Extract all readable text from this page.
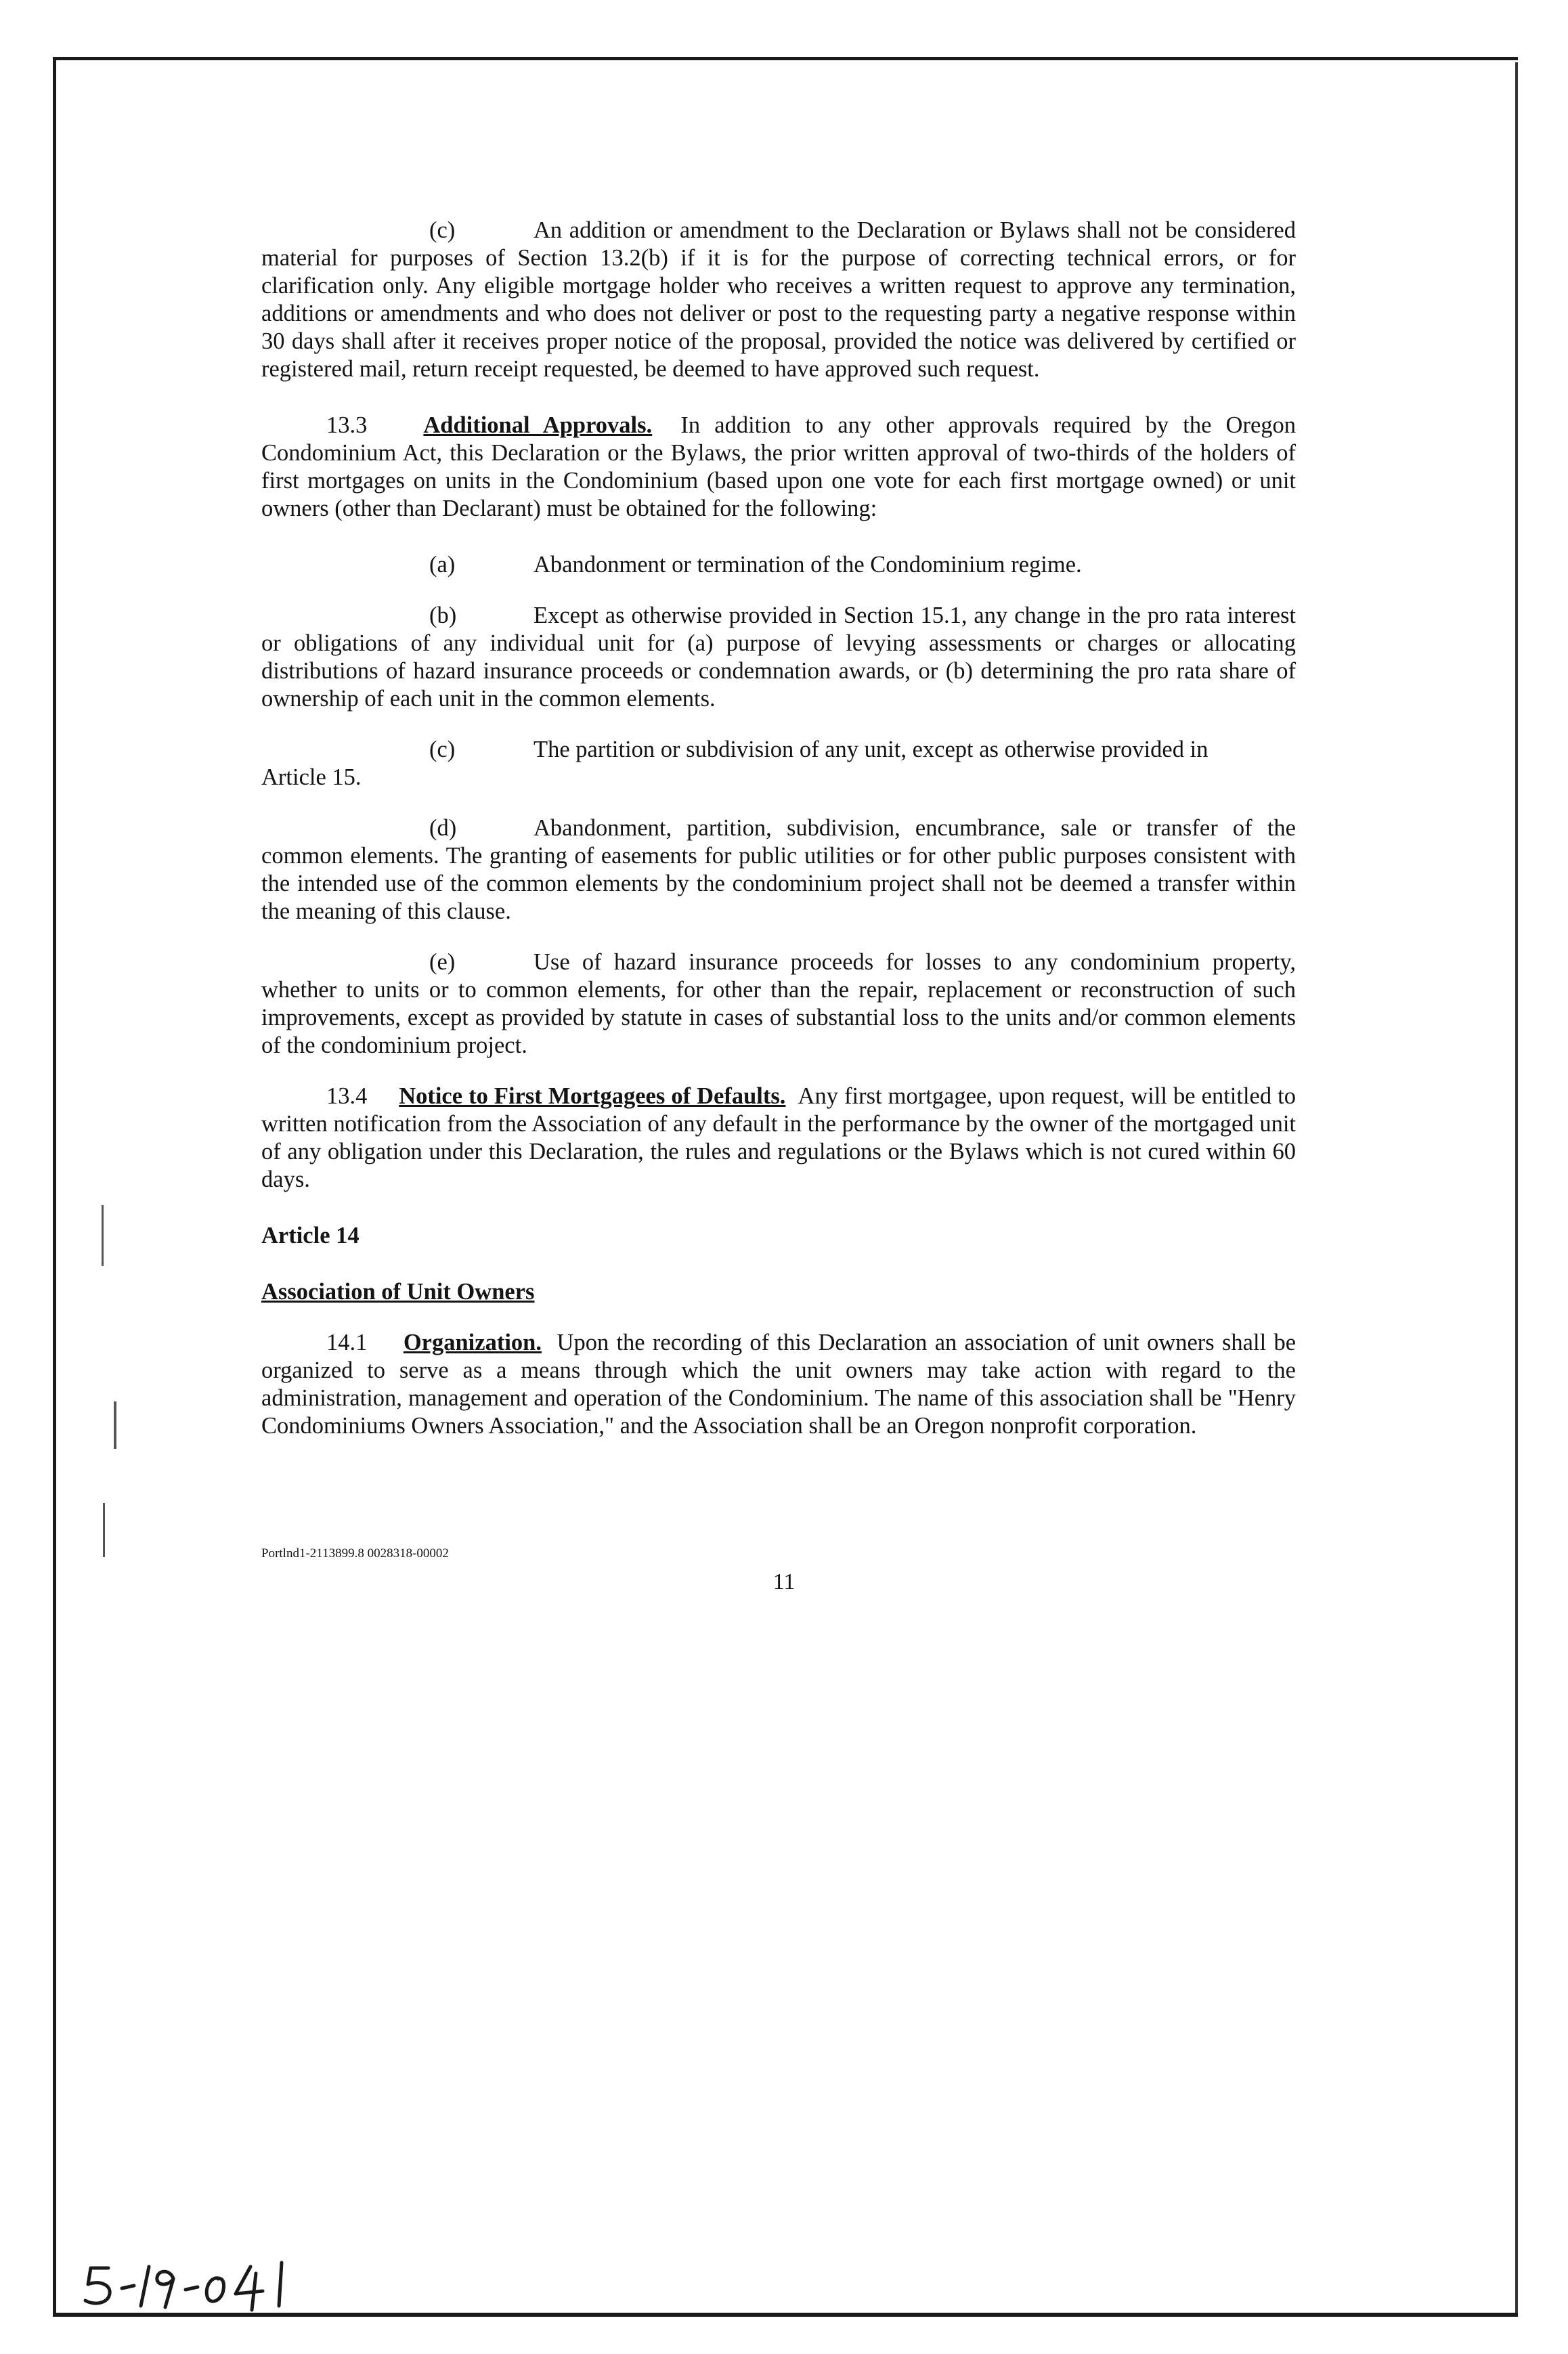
(c)	An addition or amendment to the Declaration or Bylaws shall not be considered material for purposes of Section 13.2(b) if it is for the purpose of correcting technical errors, or for clarification only. Any eligible mortgage holder who receives a written request to approve any termination, additions or amendments and who does not deliver or post to the requesting party a negative response within 30 days shall after it receives proper notice of the proposal, provided the notice was delivered by certified or registered mail, return receipt requested, be deemed to have approved such request.

13.3 Additional Approvals. In addition to any other approvals required by the Oregon Condominium Act, this Declaration or the Bylaws, the prior written approval of two-thirds of the holders of first mortgages on units in the Condominium (based upon one vote for each first mortgage owned) or unit owners (other than Declarant) must be obtained for the following:

(a)	Abandonment or termination of the Condominium regime.

(b)	Except as otherwise provided in Section 15.1, any change in the pro rata interest or obligations of any individual unit for (a) purpose of levying assessments or charges or allocating distributions of hazard insurance proceeds or condemnation awards, or (b) determining the pro rata share of ownership of each unit in the common elements.

(c)	The partition or subdivision of any unit, except as otherwise provided in

Article 15.

(d)	Abandonment, partition, subdivision, encumbrance, sale or transfer of the common elements. The granting of easements for public utilities or for other public purposes consistent with the intended use of the common elements by the condominium project shall not be deemed a transfer within the meaning of this clause.

(e)	Use of hazard insurance proceeds for losses to any condominium property, whether to units or to common elements, for other than the repair, replacement or reconstruction of such improvements, except as provided by statute in cases of substantial loss to the units and/or common elements of the condominium project.

13.4 Notice to First Mortgagees of Defaults. Any first mortgagee, upon request, will be entitled to written notification from the Association of any default in the performance by the owner of the mortgaged unit of any obligation under this Declaration, the rules and regulations or the Bylaws which is not cured within 60 days.

Article 14

Association of Unit Owners

14.1 Organization. Upon the recording of this Declaration an association of unit owners shall be organized to serve as a means through which the unit owners may take action with regard to the administration, management and operation of the Condominium. The name of this association shall be "Henry Condominiums Owners Association," and the Association shall be an Oregon nonprofit corporation.

Portlnd1-2113899.8 0028318-00002
11
